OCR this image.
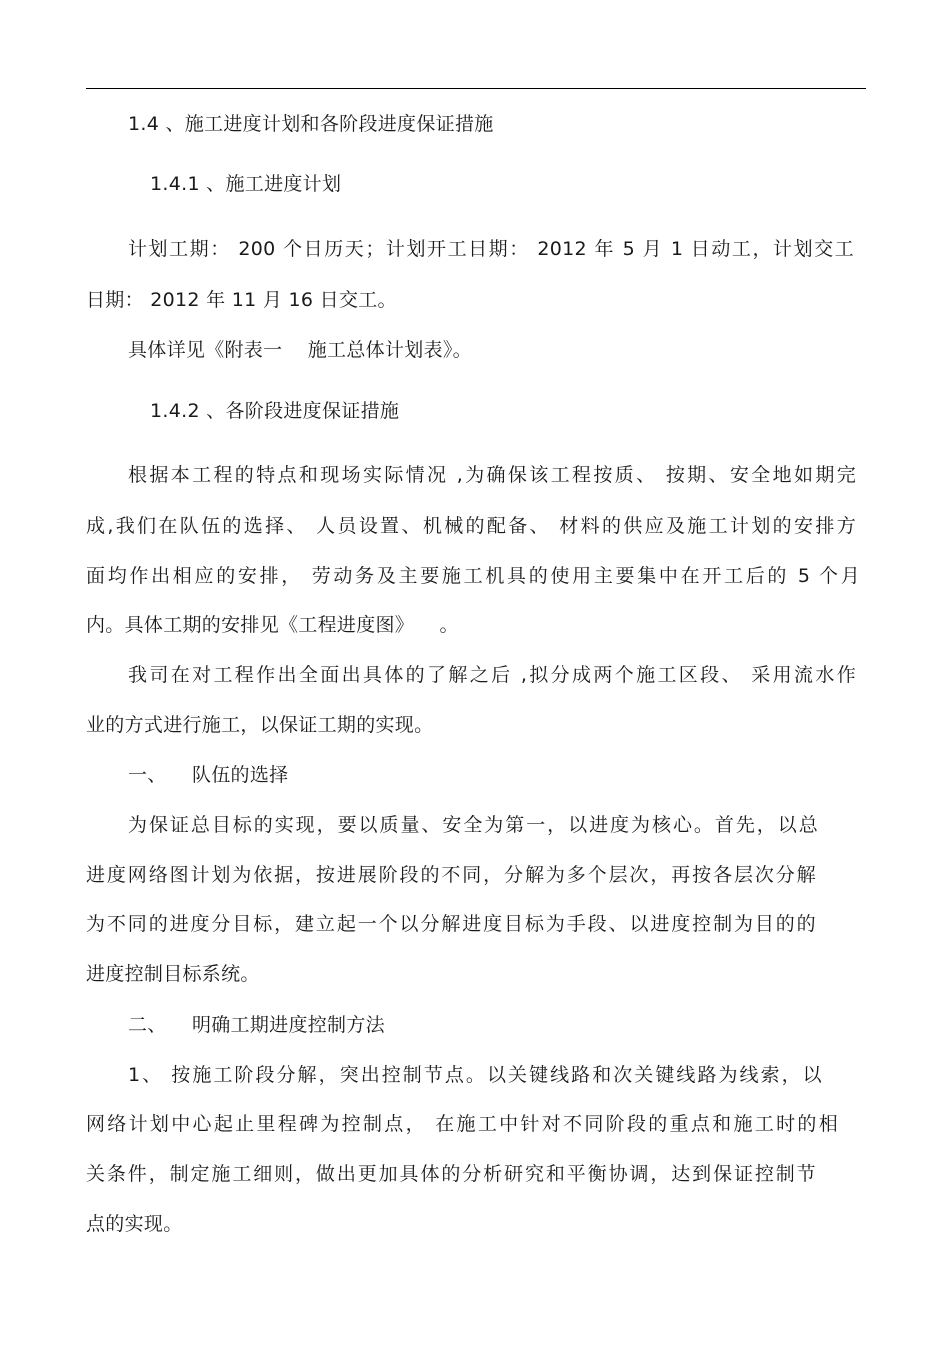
1.4 、施工进度计划和各阶段进度保证措施
1.4.1 、施工进度计划
计划工期： 200 个日历天；计划开工日期： 2012 年 5 月 1 日动工，计划交工
日期： 2012 年 11 月 16 日交工。
具体详见《附表一    施工总体计划表》。
1.4.2 、各阶段进度保证措施
根据本工程的特点和现场实际情况 ,为确保该工程按质、 按期、安全地如期完
成,我们在队伍的选择、 人员设置、机械的配备、 材料的供应及施工计划的安排方
面均作出相应的安排， 劳动务及主要施工机具的使用主要集中在开工后的 5 个月
内。具体工期的安排见《工程进度图》    。
我司在对工程作出全面出具体的了解之后 ,拟分成两个施工区段、 采用流水作
业的方式进行施工，以保证工期的实现。
一、    队伍的选择
为保证总目标的实现，要以质量、安全为第一，以进度为核心。首先，以总
进度网络图计划为依据，按进展阶段的不同，分解为多个层次，再按各层次分解
为不同的进度分目标，建立起一个以分解进度目标为手段、以进度控制为目的的
进度控制目标系统。
二、    明确工期进度控制方法
1、 按施工阶段分解，突出控制节点。以关键线路和次关键线路为线索，以
网络计划中心起止里程碑为控制点， 在施工中针对不同阶段的重点和施工时的相
关条件，制定施工细则，做出更加具体的分析研究和平衡协调，达到保证控制节
点的实现。
